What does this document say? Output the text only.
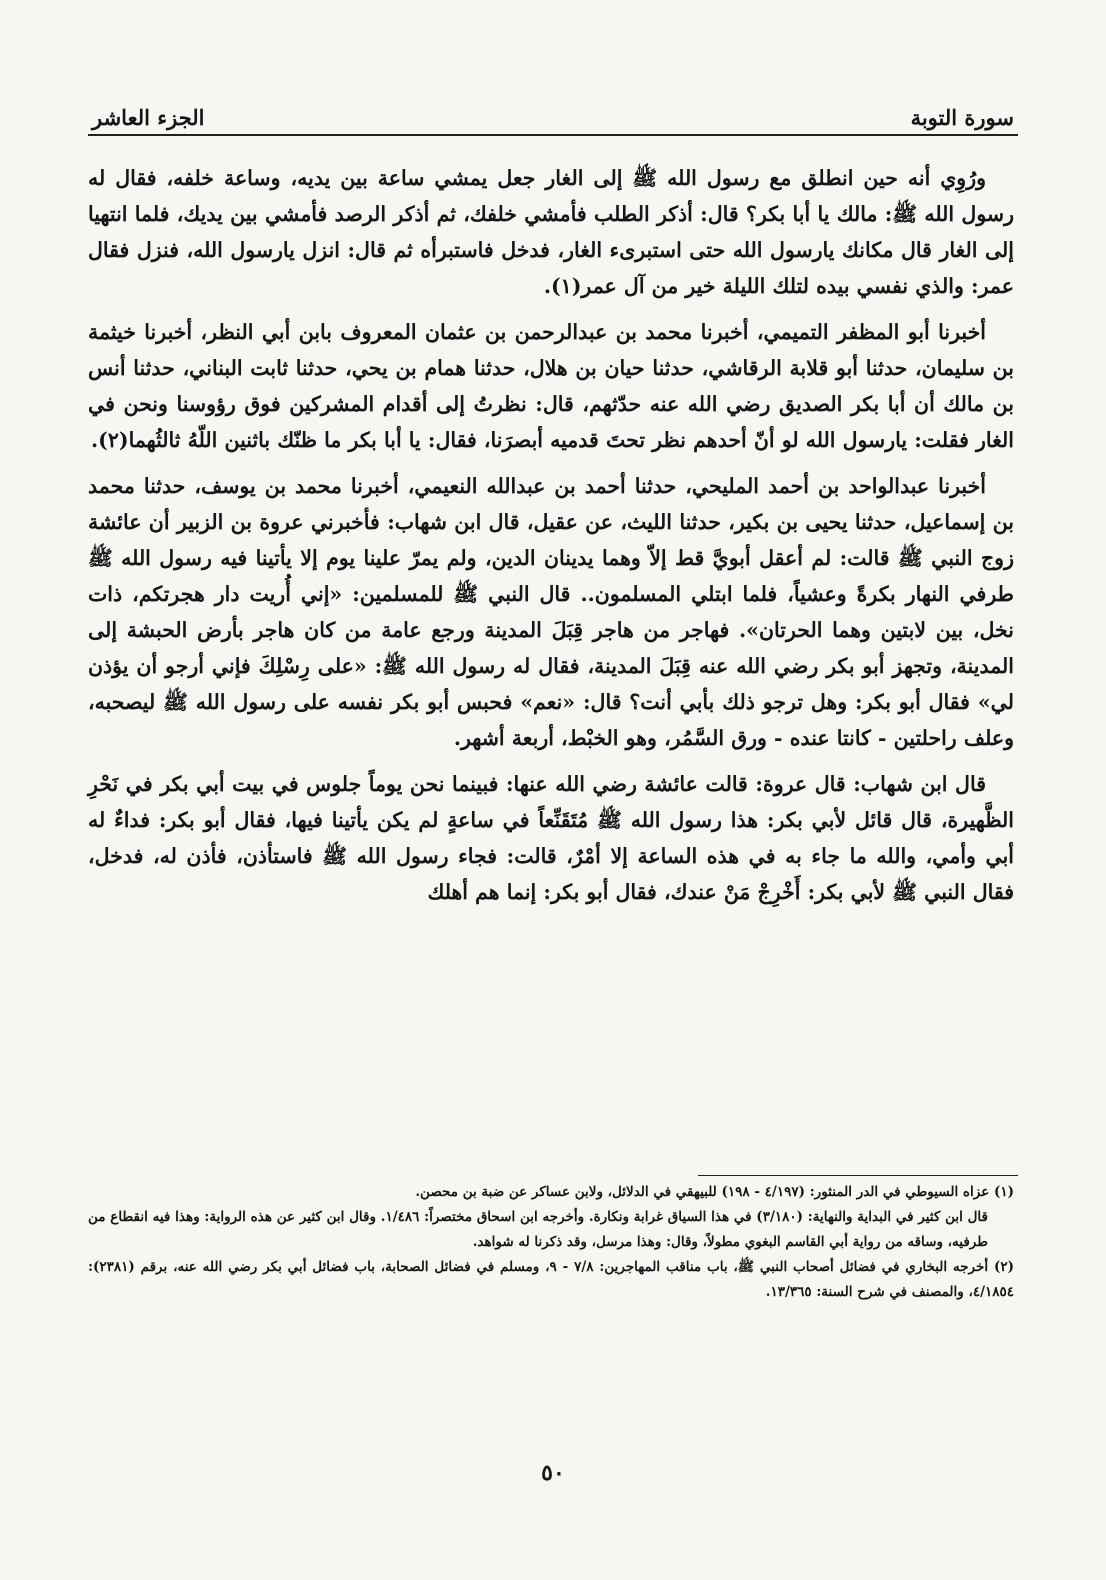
سورة التوبة
الجزء العاشر

ورُوِي أنه حين انطلق مع رسول الله ﷺ إلى الغار جعل يمشي ساعة بين يديه، وساعة خلفه، فقال له رسول الله ﷺ: مالك يا أبا بكر؟ قال: أذكر الطلب فأمشي خلفك، ثم أذكر الرصد فأمشي بين يديك، فلما انتهيا إلى الغار قال مكانك يارسول الله حتى استبرىء الغار، فدخل فاستبرأه ثم قال: انزل يارسول الله، فنزل فقال عمر: والذي نفسي بيده لتلك الليلة خير من آل عمر(١).

أخبرنا أبو المظفر التميمي، أخبرنا محمد بن عبدالرحمن بن عثمان المعروف بابن أبي النظر، أخبرنا خيثمة بن سليمان، حدثنا أبو قلابة الرقاشي، حدثنا حيان بن هلال، حدثنا همام بن يحي، حدثنا ثابت البناني، حدثنا أنس بن مالك أن أبا بكر الصديق رضي الله عنه حدّثهم، قال: نظرتُ إلى أقدام المشركين فوق رؤوسنا ونحن في الغار فقلت: يارسول الله لو أنّ أحدهم نظر تحتَ قدميه أبصرَنا، فقال: يا أبا بكر ما ظنّك باثنين اللّهُ ثالثُهما(٢).

أخبرنا عبدالواحد بن أحمد المليحي، حدثنا أحمد بن عبدالله النعيمي، أخبرنا محمد بن يوسف، حدثنا محمد بن إسماعيل، حدثنا يحيى بن بكير، حدثنا الليث، عن عقيل، قال ابن شهاب: فأخبرني عروة بن الزبير أن عائشة زوج النبي ﷺ قالت: لم أعقل أبويَّ قط إلاّ وهما يدينان الدين، ولم يمرّ علينا يوم إلا يأتينا فيه رسول الله ﷺ طرفي النهار بكرةً وعشياً، فلما ابتلي المسلمون.. قال النبي ﷺ للمسلمين: «إني أُريت دار هجرتكم، ذات نخل، بين لابتين وهما الحرتان». فهاجر من هاجر قِبَلَ المدينة ورجع عامة من كان هاجر بأرض الحبشة إلى المدينة، وتجهز أبو بكر رضي الله عنه قِبَلَ المدينة، فقال له رسول الله ﷺ: «على رِسْلِكَ فإني أرجو أن يؤذن لي» فقال أبو بكر: وهل ترجو ذلك بأبي أنت؟ قال: «نعم» فحبس أبو بكر نفسه على رسول الله ﷺ ليصحبه، وعلف راحلتين - كانتا عنده - ورق السَّمُر، وهو الخبْط، أربعة أشهر.

قال ابن شهاب: قال عروة: قالت عائشة رضي الله عنها: فبينما نحن يوماً جلوس في بيت أبي بكر في نَحْرِ الظَّهيرة، قال قائل لأبي بكر: هذا رسول الله ﷺ مُتَقَنِّعاً في ساعةٍ لم يكن يأتينا فيها، فقال أبو بكر: فداءٌ له أبي وأمي، والله ما جاء به في هذه الساعة إلا أمْرٌ، قالت: فجاء رسول الله ﷺ فاستأذن، فأذن له، فدخل، فقال النبي ﷺ لأبي بكر: أَخْرِجْ مَنْ عندك، فقال أبو بكر: إنما هم أهلك

(١) عزاه السيوطي في الدر المنثور: (٤/١٩٧ - ١٩٨) للبيهقي في الدلائل، ولابن عساكر عن ضبة بن محصن.

قال ابن كثير في البداية والنهاية: (٣/١٨٠) في هذا السياق غرابة ونكارة. وأخرجه ابن اسحاق مختصراً: ١/٤٨٦. وقال ابن كثير عن هذه الرواية: وهذا فيه انقطاع من طرفيه، وساقه من رواية أبي القاسم البغوي مطولاً، وقال: وهذا مرسل، وقد ذكرنا له شواهد.

(٢) أخرجه البخاري في فضائل أصحاب النبي ﷺ، باب مناقب المهاجرين: ٧/٨ - ٩، ومسلم في فضائل الصحابة، باب فضائل أبي بكر رضي الله عنه، برقم (٢٣٨١): ٤/١٨٥٤، والمصنف في شرح السنة: ١٣/٣٦٥.

٥٠
